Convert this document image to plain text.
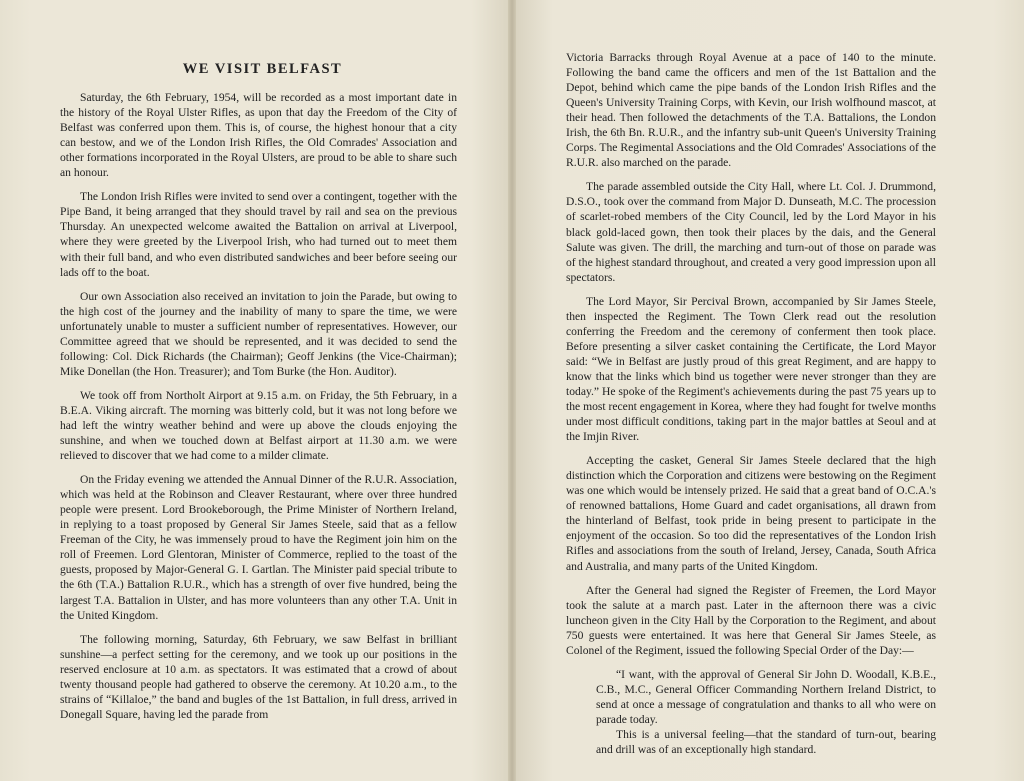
WE VISIT BELFAST

Saturday, the 6th February, 1954, will be recorded as a most important date in the history of the Royal Ulster Rifles, as upon that day the Freedom of the City of Belfast was conferred upon them. This is, of course, the highest honour that a city can bestow, and we of the London Irish Rifles, the Old Comrades' Association and other formations incorporated in the Royal Ulsters, are proud to be able to share such an honour.

The London Irish Rifles were invited to send over a contingent, together with the Pipe Band, it being arranged that they should travel by rail and sea on the previous Thursday. An unexpected welcome awaited the Battalion on arrival at Liverpool, where they were greeted by the Liverpool Irish, who had turned out to meet them with their full band, and who even distributed sandwiches and beer before seeing our lads off to the boat.

Our own Association also received an invitation to join the Parade, but owing to the high cost of the journey and the inability of many to spare the time, we were unfortunately unable to muster a sufficient number of representatives. However, our Committee agreed that we should be represented, and it was decided to send the following: Col. Dick Richards (the Chairman); Geoff Jenkins (the Vice-Chairman); Mike Donellan (the Hon. Treasurer); and Tom Burke (the Hon. Auditor).

We took off from Northolt Airport at 9.15 a.m. on Friday, the 5th February, in a B.E.A. Viking aircraft. The morning was bitterly cold, but it was not long before we had left the wintry weather behind and were up above the clouds enjoying the sunshine, and when we touched down at Belfast airport at 11.30 a.m. we were relieved to discover that we had come to a milder climate.

On the Friday evening we attended the Annual Dinner of the R.U.R. Association, which was held at the Robinson and Cleaver Restaurant, where over three hundred people were present. Lord Brookeborough, the Prime Minister of Northern Ireland, in replying to a toast proposed by General Sir James Steele, said that as a fellow Freeman of the City, he was immensely proud to have the Regiment join him on the roll of Freemen. Lord Glentoran, Minister of Commerce, replied to the toast of the guests, proposed by Major-General G. I. Gartlan. The Minister paid special tribute to the 6th (T.A.) Battalion R.U.R., which has a strength of over five hundred, being the largest T.A. Battalion in Ulster, and has more volunteers than any other T.A. Unit in the United Kingdom.

The following morning, Saturday, 6th February, we saw Belfast in brilliant sunshine—a perfect setting for the ceremony, and we took up our positions in the reserved enclosure at 10 a.m. as spectators. It was estimated that a crowd of about twenty thousand people had gathered to observe the ceremony. At 10.20 a.m., to the strains of “Killaloe,” the band and bugles of the 1st Battalion, in full dress, arrived in Donegall Square, having led the parade from

Victoria Barracks through Royal Avenue at a pace of 140 to the minute. Following the band came the officers and men of the 1st Battalion and the Depot, behind which came the pipe bands of the London Irish Rifles and the Queen's University Training Corps, with Kevin, our Irish wolfhound mascot, at their head. Then followed the detachments of the T.A. Battalions, the London Irish, the 6th Bn. R.U.R., and the infantry sub-unit Queen's University Training Corps. The Regimental Associations and the Old Comrades' Associations of the R.U.R. also marched on the parade.

The parade assembled outside the City Hall, where Lt. Col. J. Drummond, D.S.O., took over the command from Major D. Dunseath, M.C. The procession of scarlet-robed members of the City Council, led by the Lord Mayor in his black gold-laced gown, then took their places by the dais, and the General Salute was given. The drill, the marching and turn-out of those on parade was of the highest standard throughout, and created a very good impression upon all spectators.

The Lord Mayor, Sir Percival Brown, accompanied by Sir James Steele, then inspected the Regiment. The Town Clerk read out the resolution conferring the Freedom and the ceremony of conferment then took place. Before presenting a silver casket containing the Certificate, the Lord Mayor said: “We in Belfast are justly proud of this great Regiment, and are happy to know that the links which bind us together were never stronger than they are today.” He spoke of the Regiment's achievements during the past 75 years up to the most recent engagement in Korea, where they had fought for twelve months under most difficult conditions, taking part in the major battles at Seoul and at the Imjin River.

Accepting the casket, General Sir James Steele declared that the high distinction which the Corporation and citizens were bestowing on the Regiment was one which would be intensely prized. He said that a great band of O.C.A.'s of renowned battalions, Home Guard and cadet organisations, all drawn from the hinterland of Belfast, took pride in being present to participate in the enjoyment of the occasion. So too did the representatives of the London Irish Rifles and associations from the south of Ireland, Jersey, Canada, South Africa and Australia, and many parts of the United Kingdom.

After the General had signed the Register of Freemen, the Lord Mayor took the salute at a march past. Later in the afternoon there was a civic luncheon given in the City Hall by the Corporation to the Regiment, and about 750 guests were entertained. It was here that General Sir James Steele, as Colonel of the Regiment, issued the following Special Order of the Day:—

“I want, with the approval of General Sir John D. Woodall, K.B.E., C.B., M.C., General Officer Commanding Northern Ireland District, to send at once a message of congratulation and thanks to all who were on parade today.

This is a universal feeling—that the standard of turn-out, bearing and drill was of an exceptionally high standard.
